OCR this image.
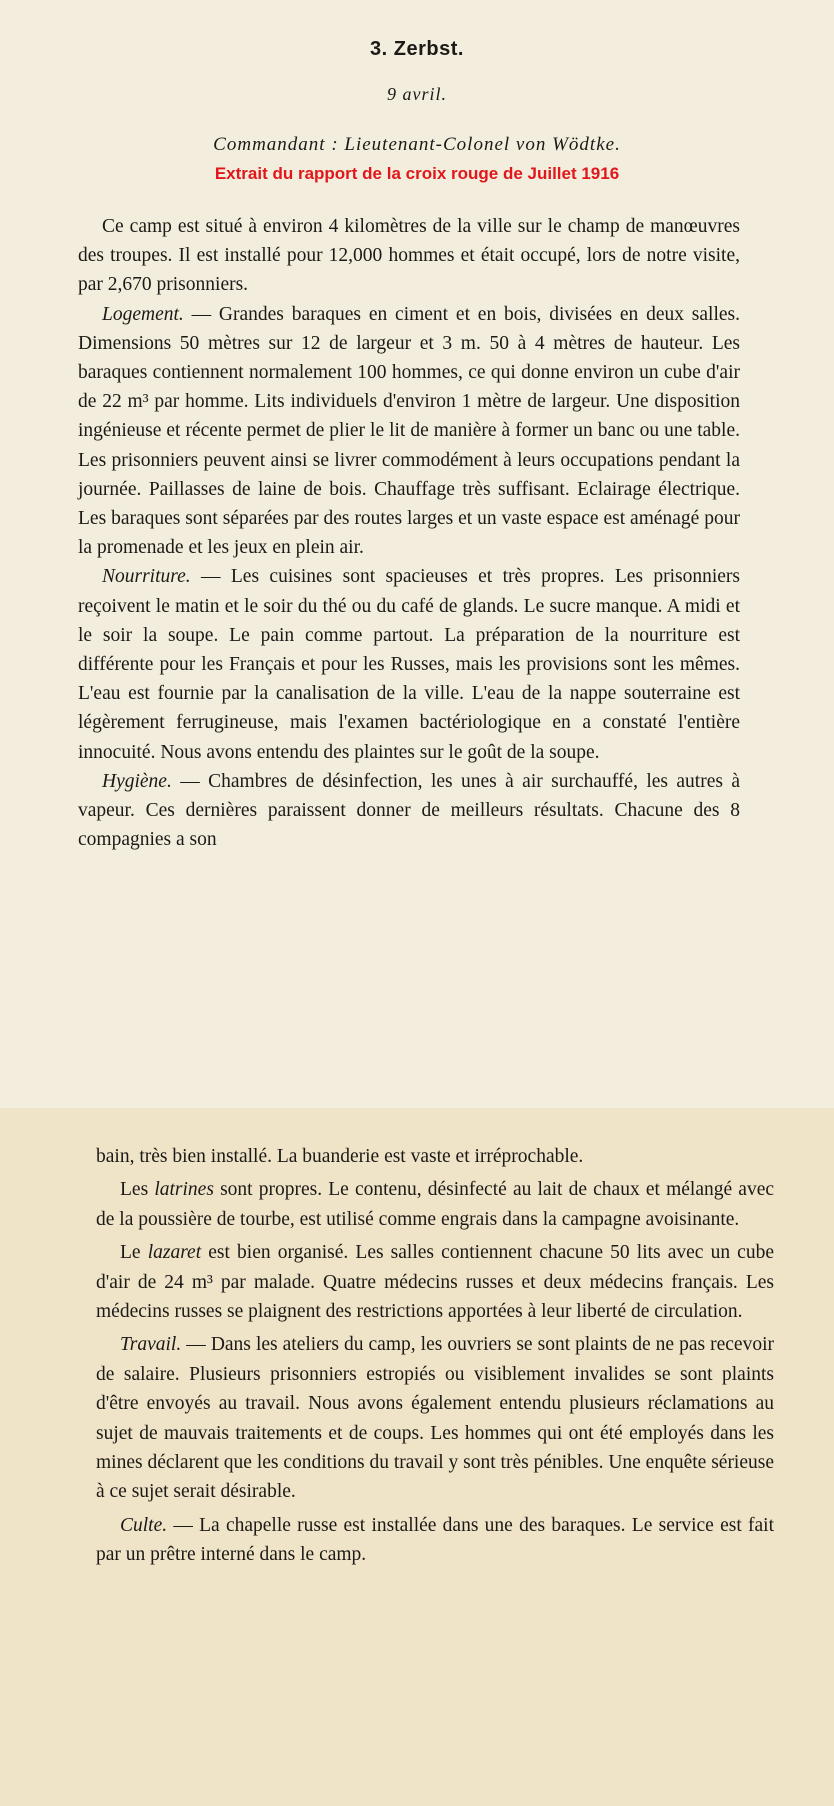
3. Zerbst.
9 avril.
Commandant : Lieutenant-Colonel von Wödtke.
Extrait du rapport de la croix rouge de Juillet 1916

Ce camp est situé à environ 4 kilomètres de la ville sur le champ de manœuvres des troupes. Il est installé pour 12,000 hommes et était occupé, lors de notre visite, par 2,670 prisonniers.

Logement. — Grandes baraques en ciment et en bois, divisées en deux salles. Dimensions 50 mètres sur 12 de largeur et 3 m. 50 à 4 mètres de hauteur. Les baraques contiennent normalement 100 hommes, ce qui donne environ un cube d'air de 22 m³ par homme. Lits individuels d'environ 1 mètre de largeur. Une disposition ingénieuse et récente permet de plier le lit de manière à former un banc ou une table. Les prisonniers peuvent ainsi se livrer commodément à leurs occupations pendant la journée. Paillasses de laine de bois. Chauffage très suffisant. Eclairage électrique. Les baraques sont séparées par des routes larges et un vaste espace est aménagé pour la promenade et les jeux en plein air.

Nourriture. — Les cuisines sont spacieuses et très propres. Les prisonniers reçoivent le matin et le soir du thé ou du café de glands. Le sucre manque. A midi et le soir la soupe. Le pain comme partout. La préparation de la nourriture est différente pour les Français et pour les Russes, mais les provisions sont les mêmes. L'eau est fournie par la canalisation de la ville. L'eau de la nappe souterraine est légèrement ferrugineuse, mais l'examen bactériologique en a constaté l'entière innocuité. Nous avons entendu des plaintes sur le goût de la soupe.

Hygiène. — Chambres de désinfection, les unes à air surchauffé, les autres à vapeur. Ces dernières paraissent donner de meilleurs résultats. Chacune des 8 compagnies a son

bain, très bien installé. La buanderie est vaste et irréprochable.

Les latrines sont propres. Le contenu, désinfecté au lait de chaux et mélangé avec de la poussière de tourbe, est utilisé comme engrais dans la campagne avoisinante.

Le lazaret est bien organisé. Les salles contiennent chacune 50 lits avec un cube d'air de 24 m³ par malade. Quatre médecins russes et deux médecins français. Les médecins russes se plaignent des restrictions apportées à leur liberté de circulation.

Travail. — Dans les ateliers du camp, les ouvriers se sont plaints de ne pas recevoir de salaire. Plusieurs prisonniers estropiés ou visiblement invalides se sont plaints d'être envoyés au travail. Nous avons également entendu plusieurs réclamations au sujet de mauvais traitements et de coups. Les hommes qui ont été employés dans les mines déclarent que les conditions du travail y sont très pénibles. Une enquête sérieuse à ce sujet serait désirable.

Culte. — La chapelle russe est installée dans une des baraques. Le service est fait par un prêtre interné dans le camp.
